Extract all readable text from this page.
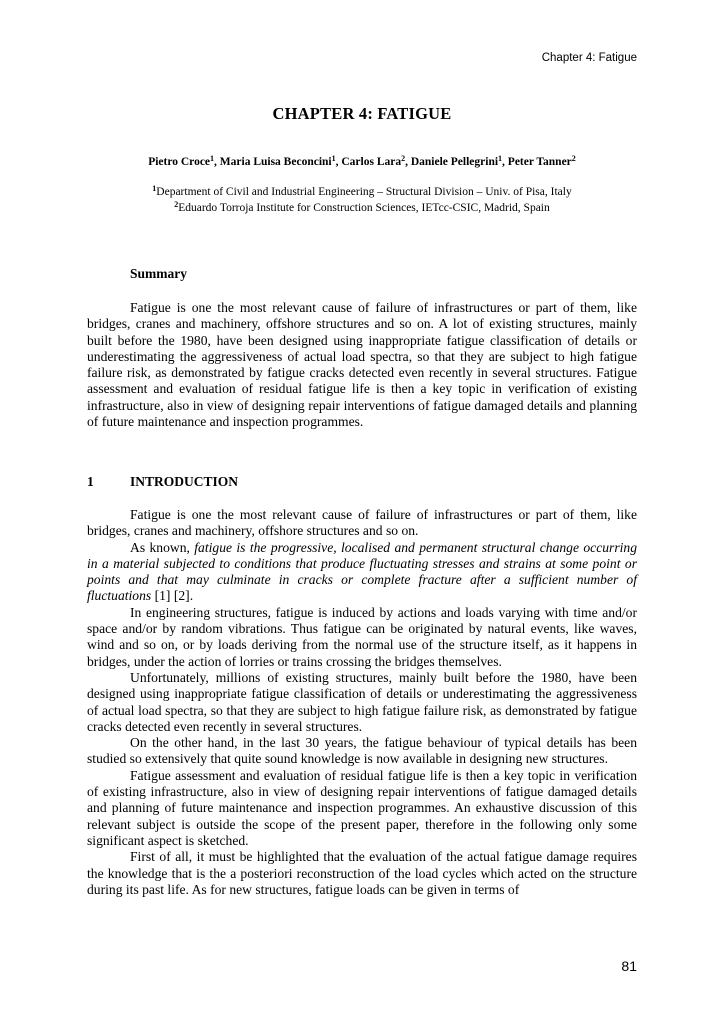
Chapter 4: Fatigue
CHAPTER 4: FATIGUE
Pietro Croce$^1$, Maria Luisa Beconcini$^1$, Carlos Lara$^2$, Daniele Pellegrini$^1$, Peter Tanner$^2$
$^1$Department of Civil and Industrial Engineering – Structural Division – Univ. of Pisa, Italy
$^2$Eduardo Torroja Institute for Construction Sciences, IETcc-CSIC, Madrid, Spain
Summary

Fatigue is one the most relevant cause of failure of infrastructures or part of them, like bridges, cranes and machinery, offshore structures and so on. A lot of existing structures, mainly built before the 1980, have been designed using inappropriate fatigue classification of details or underestimating the aggressiveness of actual load spectra, so that they are subject to high fatigue failure risk, as demonstrated by fatigue cracks detected even recently in several structures. Fatigue assessment and evaluation of residual fatigue life is then a key topic in verification of existing infrastructure, also in view of designing repair interventions of fatigue damaged details and planning of future maintenance and inspection programmes.

1	INTRODUCTION

Fatigue is one the most relevant cause of failure of infrastructures or part of them, like bridges, cranes and machinery, offshore structures and so on.

As known, fatigue is the progressive, localised and permanent structural change occurring in a material subjected to conditions that produce fluctuating stresses and strains at some point or points and that may culminate in cracks or complete fracture after a sufficient number of fluctuations [1] [2].

In engineering structures, fatigue is induced by actions and loads varying with time and/or space and/or by random vibrations. Thus fatigue can be originated by natural events, like waves, wind and so on, or by loads deriving from the normal use of the structure itself, as it happens in bridges, under the action of lorries or trains crossing the bridges themselves.

Unfortunately, millions of existing structures, mainly built before the 1980, have been designed using inappropriate fatigue classification of details or underestimating the aggressiveness of actual load spectra, so that they are subject to high fatigue failure risk, as demonstrated by fatigue cracks detected even recently in several structures.

On the other hand, in the last 30 years, the fatigue behaviour of typical details has been studied so extensively that quite sound knowledge is now available in designing new structures.

Fatigue assessment and evaluation of residual fatigue life is then a key topic in verification of existing infrastructure, also in view of designing repair interventions of fatigue damaged details and planning of future maintenance and inspection programmes. An exhaustive discussion of this relevant subject is outside the scope of the present paper, therefore in the following only some significant aspect is sketched.

First of all, it must be highlighted that the evaluation of the actual fatigue damage requires the knowledge that is the a posteriori reconstruction of the load cycles which acted on the structure during its past life. As for new structures, fatigue loads can be given in terms of

81
